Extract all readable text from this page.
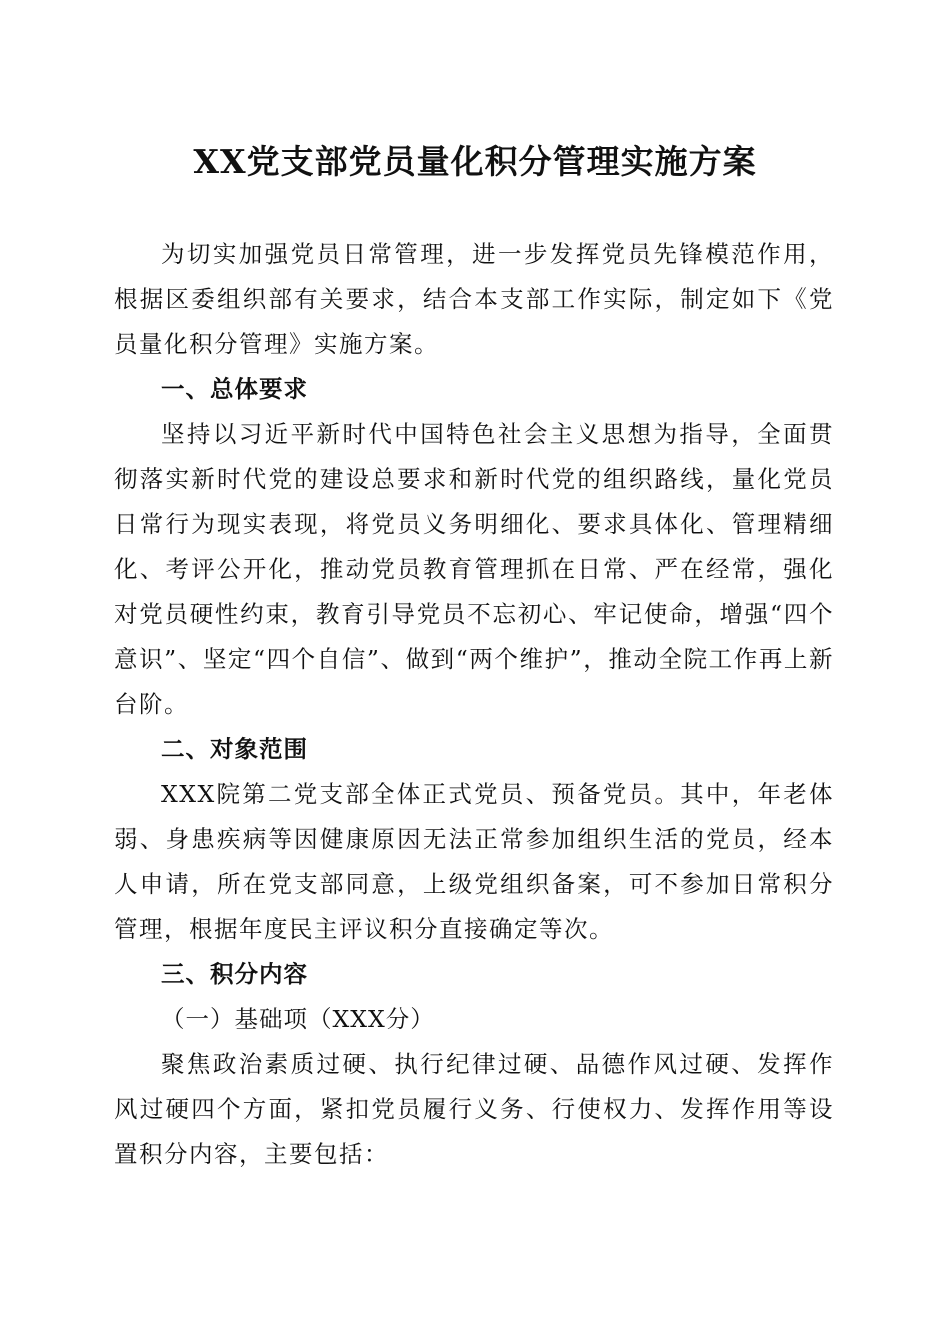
XX党支部党员量化积分管理实施方案

为切实加强党员日常管理，进一步发挥党员先锋模范作用，根据区委组织部有关要求，结合本支部工作实际，制定如下《党员量化积分管理》实施方案。

一、总体要求

坚持以习近平新时代中国特色社会主义思想为指导，全面贯彻落实新时代党的建设总要求和新时代党的组织路线，量化党员日常行为现实表现，将党员义务明细化、要求具体化、管理精细化、考评公开化，推动党员教育管理抓在日常、严在经常，强化对党员硬性约束，教育引导党员不忘初心、牢记使命，增强“四个意识”、坚定“四个自信”、做到“两个维护”，推动全院工作再上新台阶。

二、对象范围

XXX院第二党支部全体正式党员、预备党员。其中，年老体弱、身患疾病等因健康原因无法正常参加组织生活的党员，经本人申请，所在党支部同意，上级党组织备案，可不参加日常积分管理，根据年度民主评议积分直接确定等次。

三、积分内容

（一）基础项（XXX分）

聚焦政治素质过硬、执行纪律过硬、品德作风过硬、发挥作风过硬四个方面，紧扣党员履行义务、行使权力、发挥作用等设置积分内容，主要包括：
